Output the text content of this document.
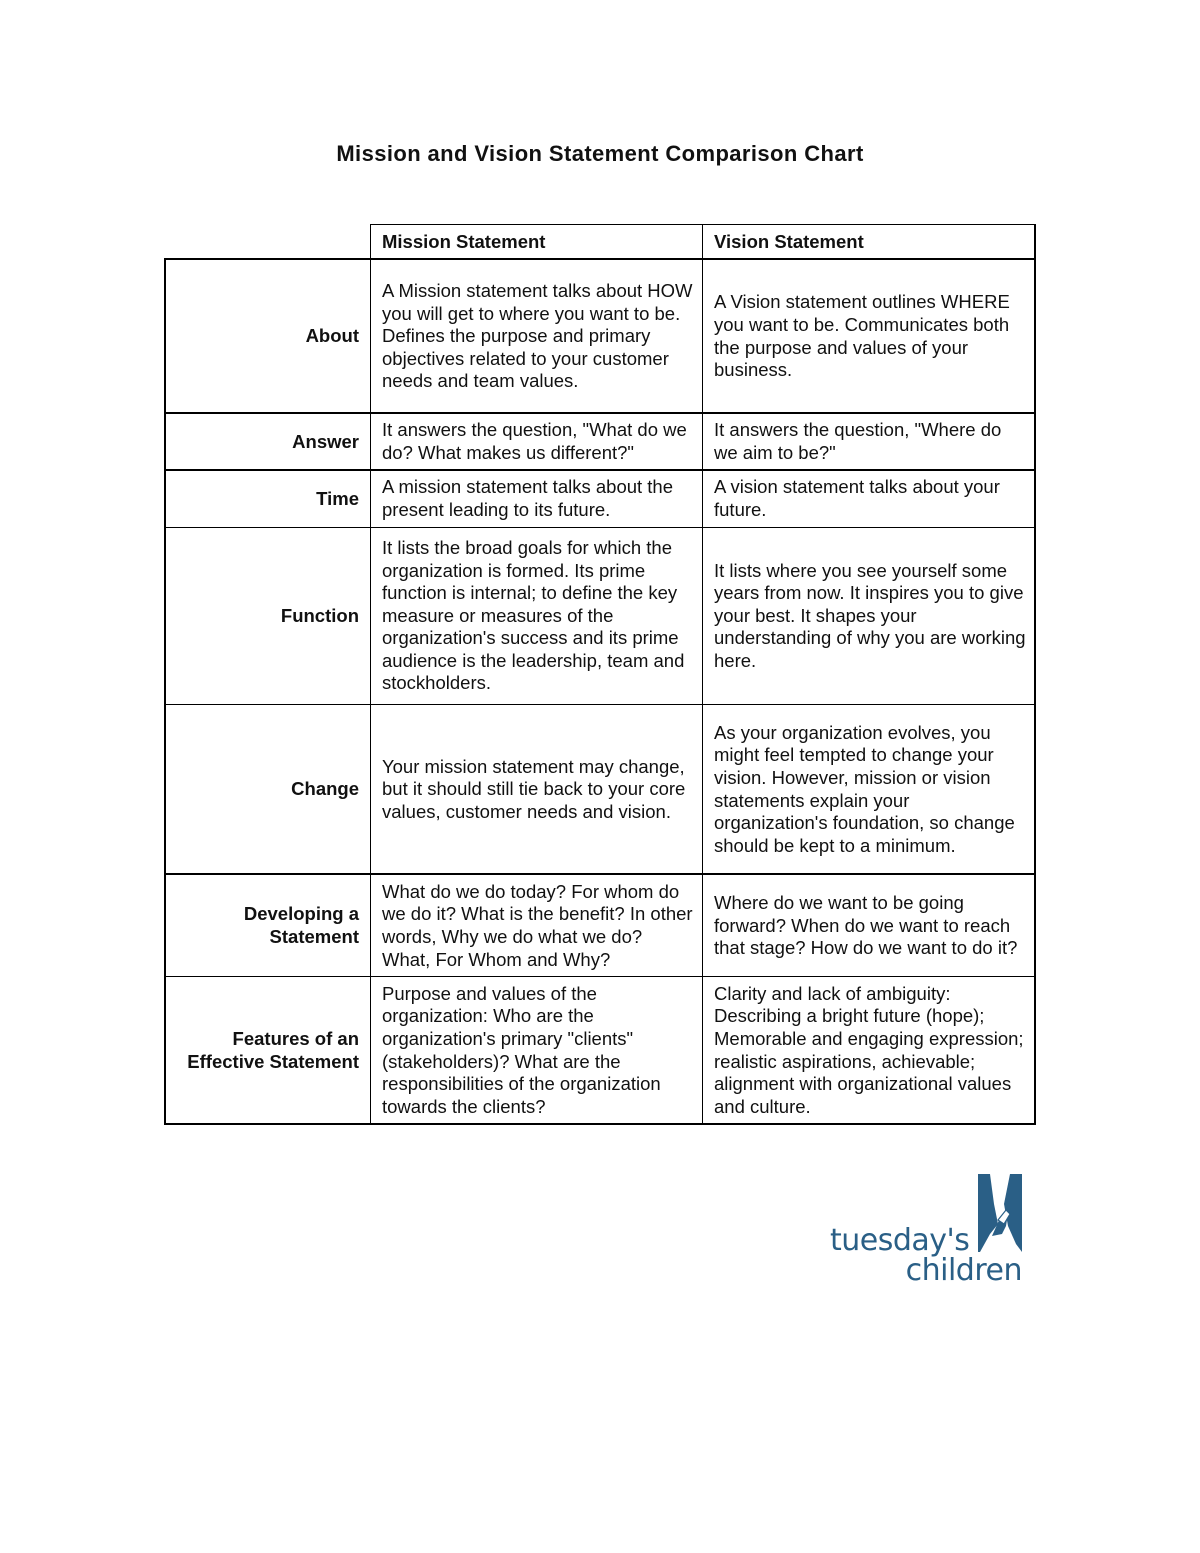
Mission and Vision Statement Comparison Chart
Mission Statement	Vision Statement
About
A Mission statement talks about HOW you will get to where you want to be. Defines the purpose and primary objectives related to your customer needs and team values.
A Vision statement outlines WHERE you want to be. Communicates both the purpose and values of your business.
Answer
It answers the question, "What do we do? What makes us different?"
It answers the question, "Where do we aim to be?"
Time
A mission statement talks about the present leading to its future.
A vision statement talks about your future.
Function
It lists the broad goals for which the organization is formed. Its prime function is internal; to define the key measure or measures of the organization's success and its prime audience is the leadership, team and stockholders.
It lists where you see yourself some years from now. It inspires you to give your best. It shapes your understanding of why you are working here.
Change
Your mission statement may change, but it should still tie back to your core values, customer needs and vision.
As your organization evolves, you might feel tempted to change your vision. However, mission or vision statements explain your organization's foundation, so change should be kept to a minimum.
Developing a Statement
What do we do today? For whom do we do it? What is the benefit? In other words, Why we do what we do? What, For Whom and Why?
Where do we want to be going forward? When do we want to reach that stage? How do we want to do it?
Features of an Effective Statement
Purpose and values of the organization: Who are the organization's primary "clients" (stakeholders)? What are the responsibilities of the organization towards the clients?
Clarity and lack of ambiguity: Describing a bright future (hope); Memorable and engaging expression; realistic aspirations, achievable; alignment with organizational values and culture.
tuesday's
children
